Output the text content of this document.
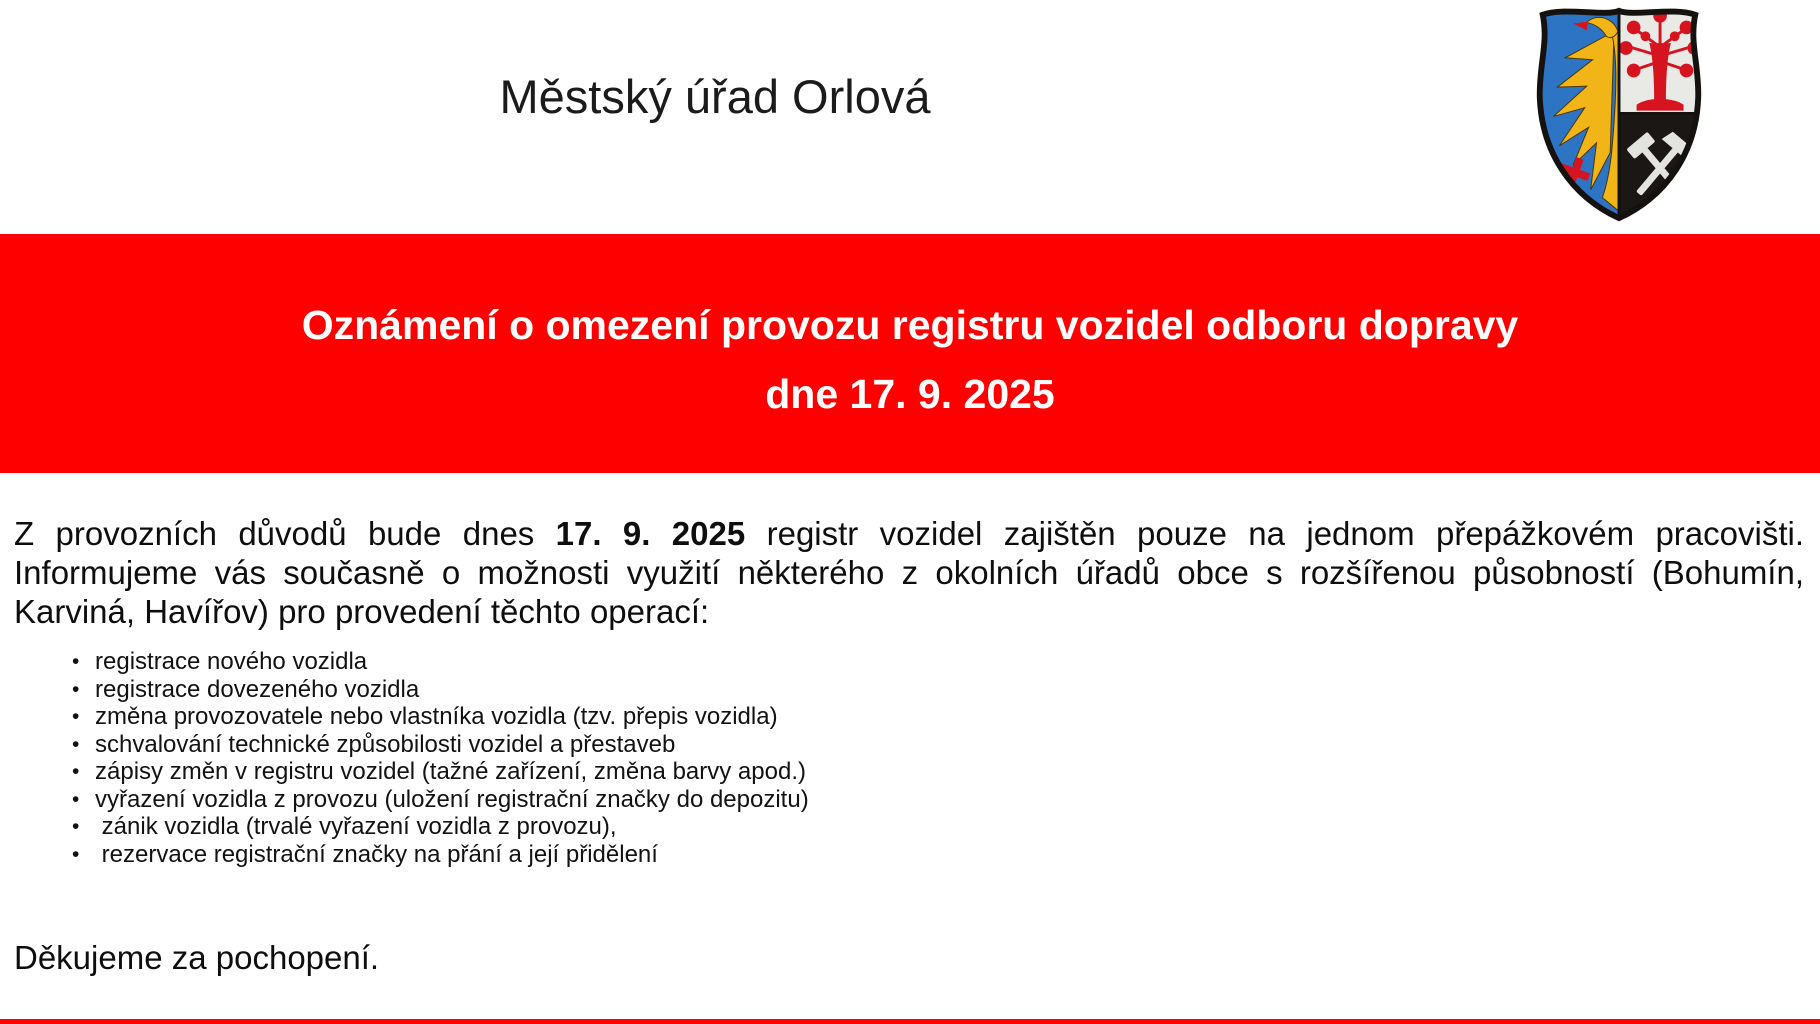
Městský úřad Orlová
Oznámení o omezení provozu registru vozidel odboru dopravy
dne 17. 9. 2025
Z provozních důvodů bude dnes 17. 9. 2025 registr vozidel zajištěn pouze na jednom přepážkovém pracovišti.
Informujeme vás současně o možnosti využití některého z okolních úřadů obce s rozšířenou působností (Bohumín,
Karviná, Havířov) pro provedení těchto operací:
• registrace nového vozidla
• registrace dovezeného vozidla
• změna provozovatele nebo vlastníka vozidla (tzv. přepis vozidla)
• schvalování technické způsobilosti vozidel a přestaveb
• zápisy změn v registru vozidel (tažné zařízení, změna barvy apod.)
• vyřazení vozidla z provozu (uložení registrační značky do depozitu)
• zánik vozidla (trvalé vyřazení vozidla z provozu),
• rezervace registrační značky na přání a její přidělení
Děkujeme za pochopení.
